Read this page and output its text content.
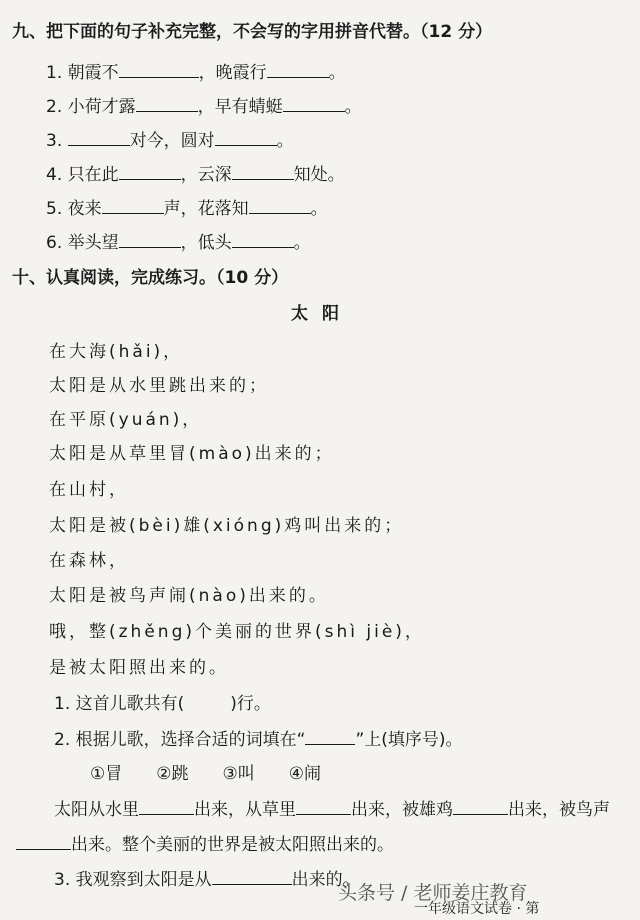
九、把下面的句子补充完整，不会写的字用拼音代替。（12 分）
1. 朝霞不	，晚霞行	。
2. 小荷才露	，早有蜻蜓	。
3.	对今，圆对	。
4. 只在此	，云深	知处。
5. 夜来	声，花落知	。
6. 举头望	，低头	。
十、认真阅读，完成练习。（10 分）
太阳
在大海(hǎi)，
太阳是从水里跳出来的；
在平原(yuán)，
太阳是从草里冒(mào)出来的；
在山村，
太阳是被(bèi)雄(xióng)鸡叫出来的；
在森林，
太阳是被鸟声闹(nào)出来的。
哦，整(zhěng)个美丽的世界(shì jiè)，
是被太阳照出来的。
1. 这首儿歌共有(	)行。
2. 根据儿歌，选择合适的词填在“	”上(填序号)。
①冒　　②跳　　③叫　　④闹
太阳从水里	出来，从草里	出来，被雄鸡	出来，被鸟声
出来。整个美丽的世界是被太阳照出来的。
3. 我观察到太阳是从	出来的。
头条号 / 老师姜庄教育
一年级语文试卷 · 第
